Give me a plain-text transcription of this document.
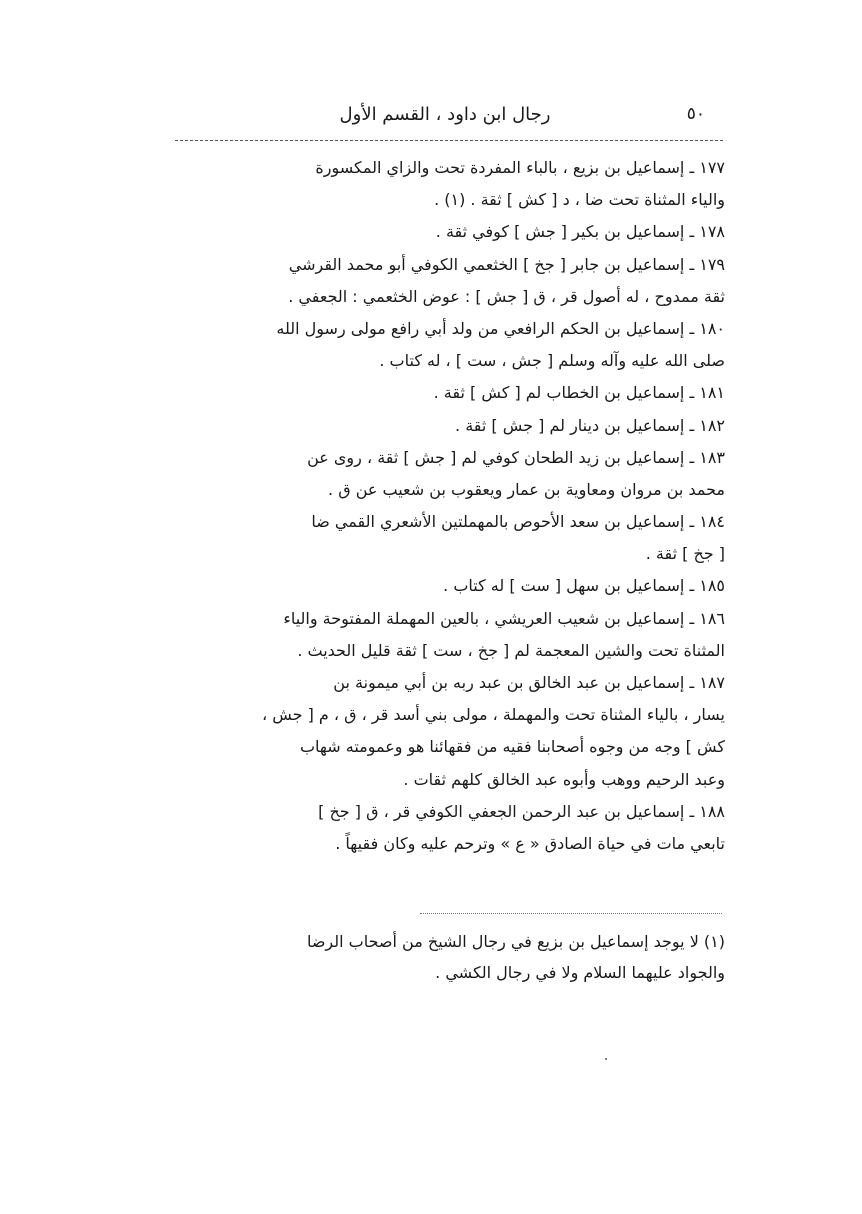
٥٠
رجال ابن داود ، القسم الأول
١٧٧ ـ إسماعيل بن بزيع ، بالباء المفردة تحت والزاي المكسورة
والياء المثناة تحت ضا ، د [ كش ] ثقة . (١) .
١٧٨ ـ إسماعيل بن بكير [ جش ] كوفي ثقة .
١٧٩ ـ إسماعيل بن جابر [ جخ ] الخثعمي الكوفي أبو محمد القرشي
ثقة ممدوح ، له أصول قر ، ق [ جش ] : عوض الخثعمي : الجعفي .
١٨٠ ـ إسماعيل بن الحكم الرافعي من ولد أبي رافع مولى رسول الله
صلى الله عليه وآله وسلم [ جش ، ست ] ، له كتاب .
١٨١ ـ إسماعيل بن الخطاب لم [ كش ] ثقة .
١٨٢ ـ إسماعيل بن دينار لم [ جش ] ثقة .
١٨٣ ـ إسماعيل بن زيد الطحان كوفي لم [ جش ] ثقة ، روى عن
محمد بن مروان ومعاوية بن عمار ويعقوب بن شعيب عن ق .
١٨٤ ـ إسماعيل بن سعد الأحوص بالمهملتين الأشعري القمي ضا
[ جخ ] ثقة .
١٨٥ ـ إسماعيل بن سهل [ ست ] له كتاب .
١٨٦ ـ إسماعيل بن شعيب العريشي ، بالعين المهملة المفتوحة والياء
المثناة تحت والشين المعجمة لم [ جخ ، ست ] ثقة قليل الحديث .
١٨٧ ـ إسماعيل بن عبد الخالق بن عبد ربه بن أبي ميمونة بن
يسار ، بالياء المثناة تحت والمهملة ، مولى بني أسد قر ، ق ، م [ جش ،
كش ] وجه من وجوه أصحابنا فقيه من فقهائنا هو وعمومته شهاب
وعبد الرحيم ووهب وأبوه عبد الخالق كلهم ثقات .
١٨٨ ـ إسماعيل بن عبد الرحمن الجعفي الكوفي قر ، ق [ جخ ]
تابعي مات في حياة الصادق « ع » وترحم عليه وكان فقيهاً .
(١) لا يوجد إسماعيل بن بزيع في رجال الشيخ من أصحاب الرضا
والجواد عليهما السلام ولا في رجال الكشي .
